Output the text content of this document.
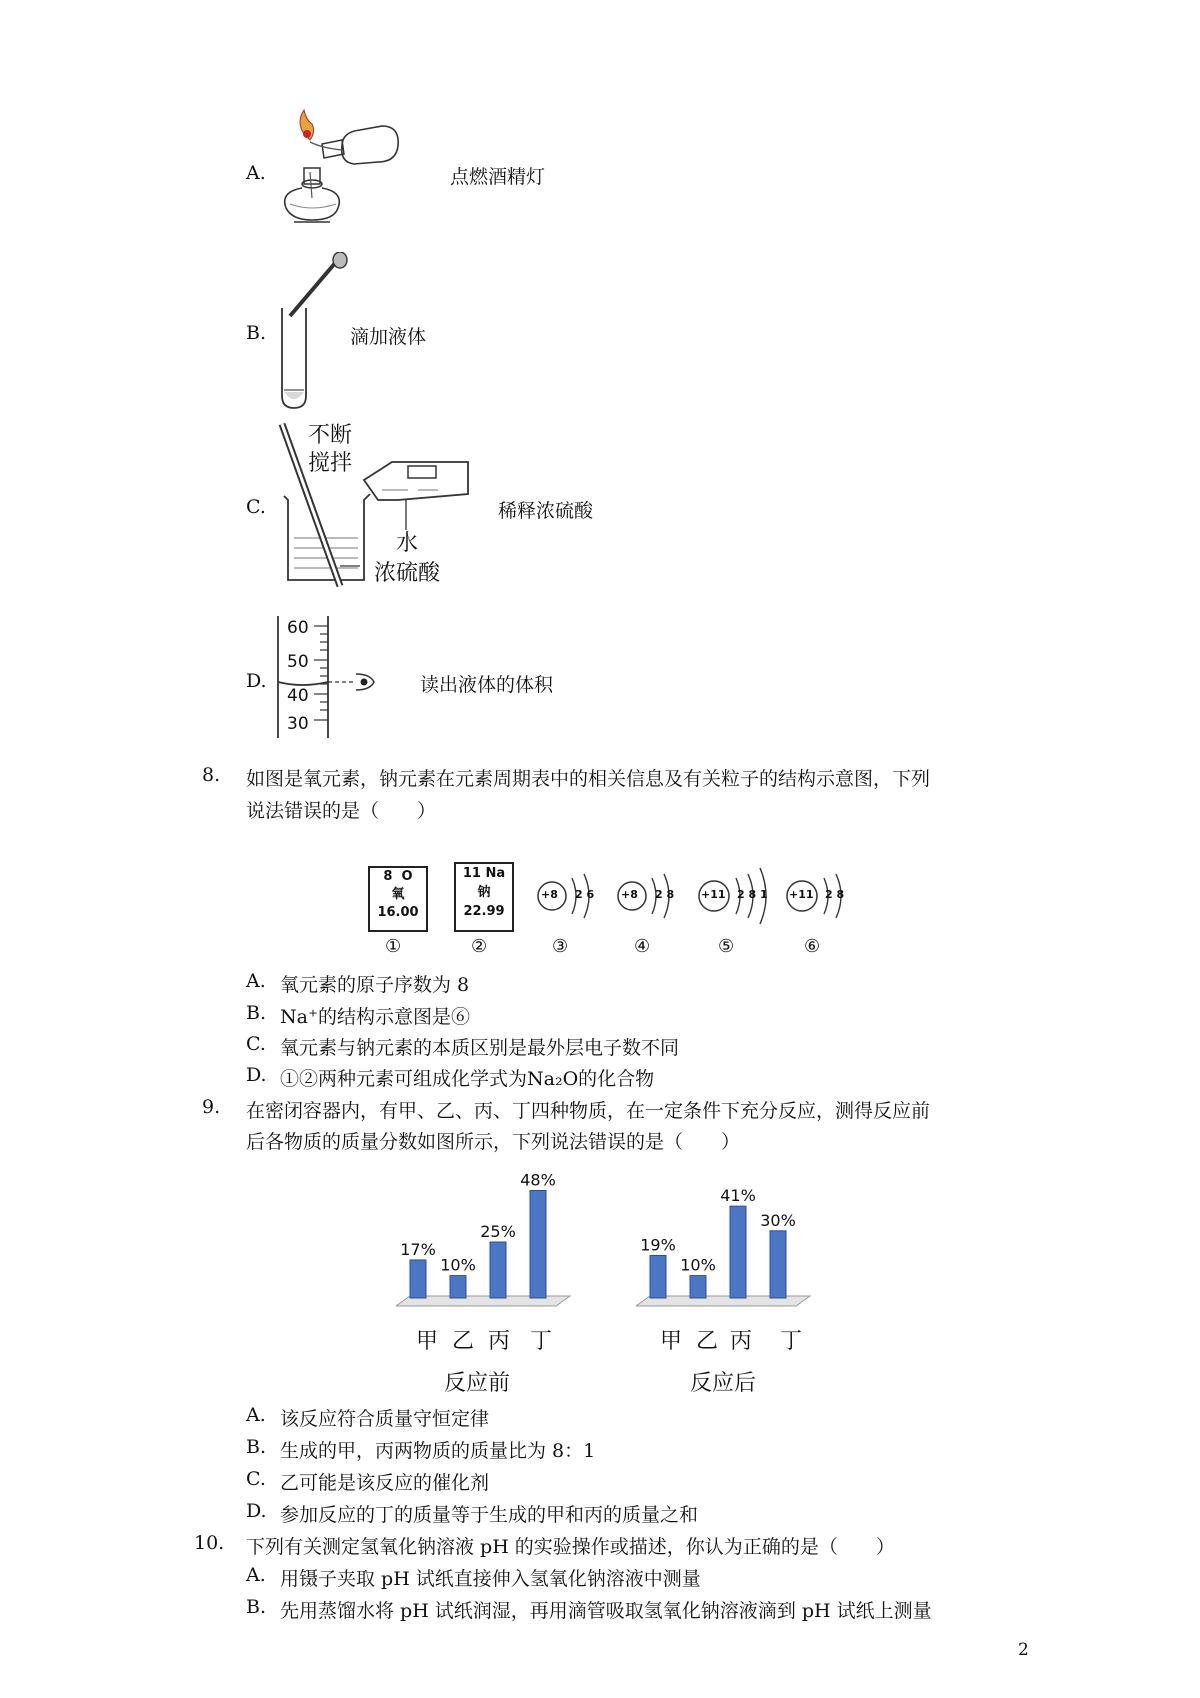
A.	点燃酒精灯
B.	滴加液体
C.
不断
搅拌
水
浓硫酸
稀释浓硫酸
D.
60
50
40
30
读出液体的体积
8. 如图是氧元素，钠元素在元素周期表中的相关信息及有关粒子的结构示意图，下列
说法错误的是（　　）
8 O
氧
16.00
11 Na
钠
22.99
+8 2 6 +8 2 8 +11 2 8 1 +11 2 8
①	②	③	④	⑤	⑥
A. 氧元素的原子序数为 8
B. Na⁺的结构示意图是⑥
C. 氧元素与钠元素的本质区别是最外层电子数不同
D. ①②两种元素可组成化学式为Na₂O的化合物
9. 在密闭容器内，有甲、乙、丙、丁四种物质，在一定条件下充分反应，测得反应前
后各物质的质量分数如图所示，下列说法错误的是（　　）
17%
10%
25%
48%
19%
10%
41%
30%
甲 乙 丙 丁	甲 乙 丙 丁
反应前	反应后
A. 该反应符合质量守恒定律
B. 生成的甲，丙两物质的质量比为 8：1
C. 乙可能是该反应的催化剂
D. 参加反应的丁的质量等于生成的甲和丙的质量之和
10. 下列有关测定氢氧化钠溶液 pH 的实验操作或描述，你认为正确的是（　　）
A. 用镊子夹取 pH 试纸直接伸入氢氧化钠溶液中测量
B. 先用蒸馏水将 pH 试纸润湿，再用滴管吸取氢氧化钠溶液滴到 pH 试纸上测量
2
